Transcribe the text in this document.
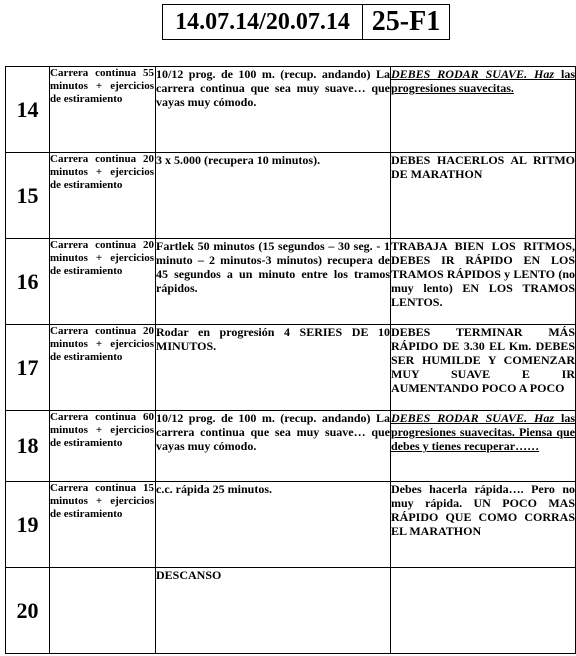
14.07.14/20.07.14	25-F1
14	Carrera continua 55 minutos + ejercicios de estiramiento	10/12 prog. de 100 m. (recup. andando) La carrera continua que sea muy suave… que vayas muy cómodo.	DEBES RODAR SUAVE. Haz las progresiones suavecitas.
15	Carrera continua 20 minutos + ejercicios de estiramiento	3 x 5.000 (recupera 10 minutos).	DEBES HACERLOS AL RITMO DE MARATHON
16	Carrera continua 20 minutos + ejercicios de estiramiento	Fartlek 50 minutos (15 segundos – 30 seg. - 1 minuto – 2 minutos-3 minutos) recupera de 45 segundos a un minuto entre los tramos rápidos.	TRABAJA BIEN LOS RITMOS, DEBES IR RÁPIDO EN LOS TRAMOS RÁPIDOS y LENTO (no muy lento) EN LOS TRAMOS LENTOS.
17	Carrera continua 20 minutos + ejercicios de estiramiento	Rodar en progresión 4 SERIES DE 10 MINUTOS.	DEBES TERMINAR MÁS RÁPIDO DE 3.30 EL Km. DEBES SER HUMILDE Y COMENZAR MUY SUAVE E IR AUMENTANDO POCO A POCO
18	Carrera continua 60 minutos + ejercicios de estiramiento	10/12 prog. de 100 m. (recup. andando) La carrera continua que sea muy suave… que vayas muy cómodo.	DEBES RODAR SUAVE. Haz las progresiones suavecitas. Piensa que debes y tienes recuperar……
19	Carrera continua 15 minutos + ejercicios de estiramiento	c.c. rápida 25 minutos.	Debes hacerla rápida…. Pero no muy rápida. UN POCO MAS RÁPIDO QUE COMO CORRAS EL MARATHON
20		DESCANSO	
